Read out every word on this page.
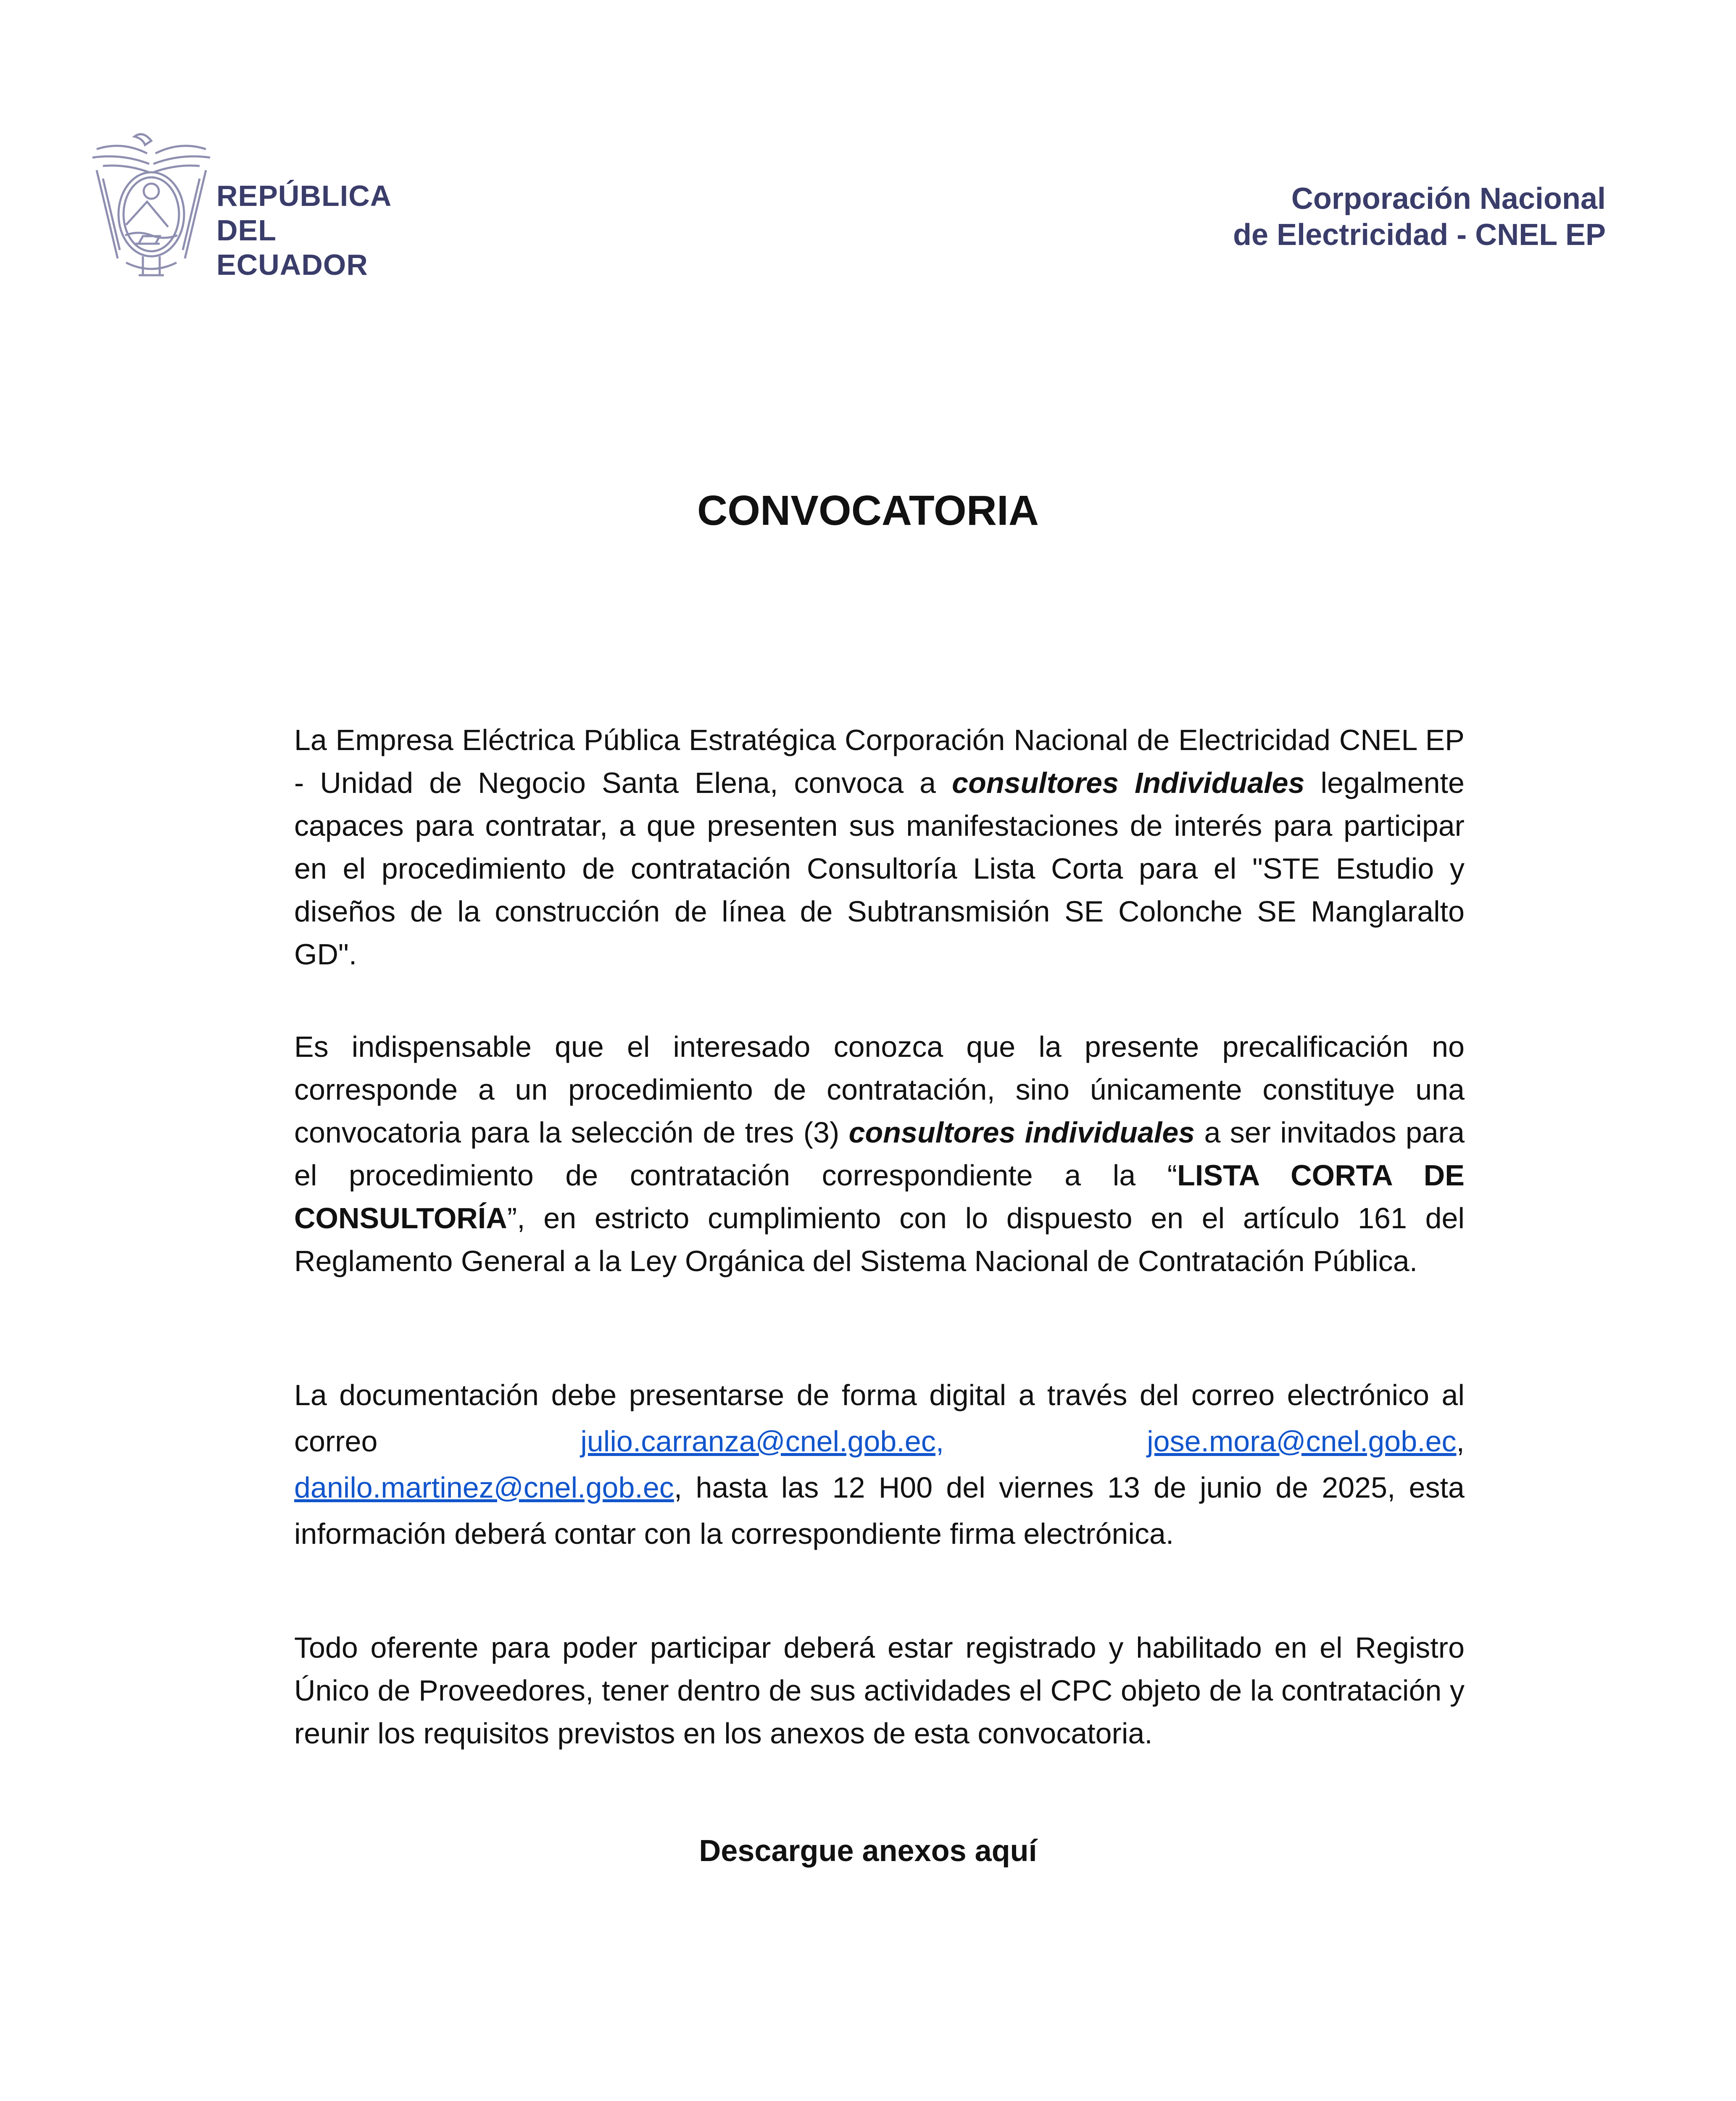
REPÚBLICA
DEL ECUADOR
Corporación Nacional
de Electricidad - CNEL EP
CONVOCATORIA
La Empresa Eléctrica Pública Estratégica Corporación Nacional de Electricidad CNEL EP - Unidad de Negocio Santa Elena, convoca a consultores Individuales legalmente capaces para contratar, a que presenten sus manifestaciones de interés para participar en el procedimiento de contratación Consultoría Lista Corta para el "STE Estudio y diseños de la construcción de línea de Subtransmisión SE Colonche SE Manglaralto GD".
Es indispensable que el interesado conozca que la presente precalificación no corresponde a un procedimiento de contratación, sino únicamente constituye una convocatoria para la selección de tres (3) consultores individuales a ser invitados para el procedimiento de contratación correspondiente a la “LISTA CORTA DE CONSULTORÍA”, en estricto cumplimiento con lo dispuesto en el artículo 161 del Reglamento General a la Ley Orgánica del Sistema Nacional de Contratación Pública.
La documentación debe presentarse de forma digital a través del correo electrónico al correo julio.carranza@cnel.gob.ec,	jose.mora@cnel.gob.ec, danilo.martinez@cnel.gob.ec, hasta las 12 H00 del viernes 13 de junio de 2025, esta información deberá contar con la correspondiente firma electrónica.
Todo oferente para poder participar deberá estar registrado y habilitado en el Registro Único de Proveedores, tener dentro de sus actividades el CPC objeto de la contratación y reunir los requisitos previstos en los anexos de esta convocatoria.
Descargue anexos aquí
